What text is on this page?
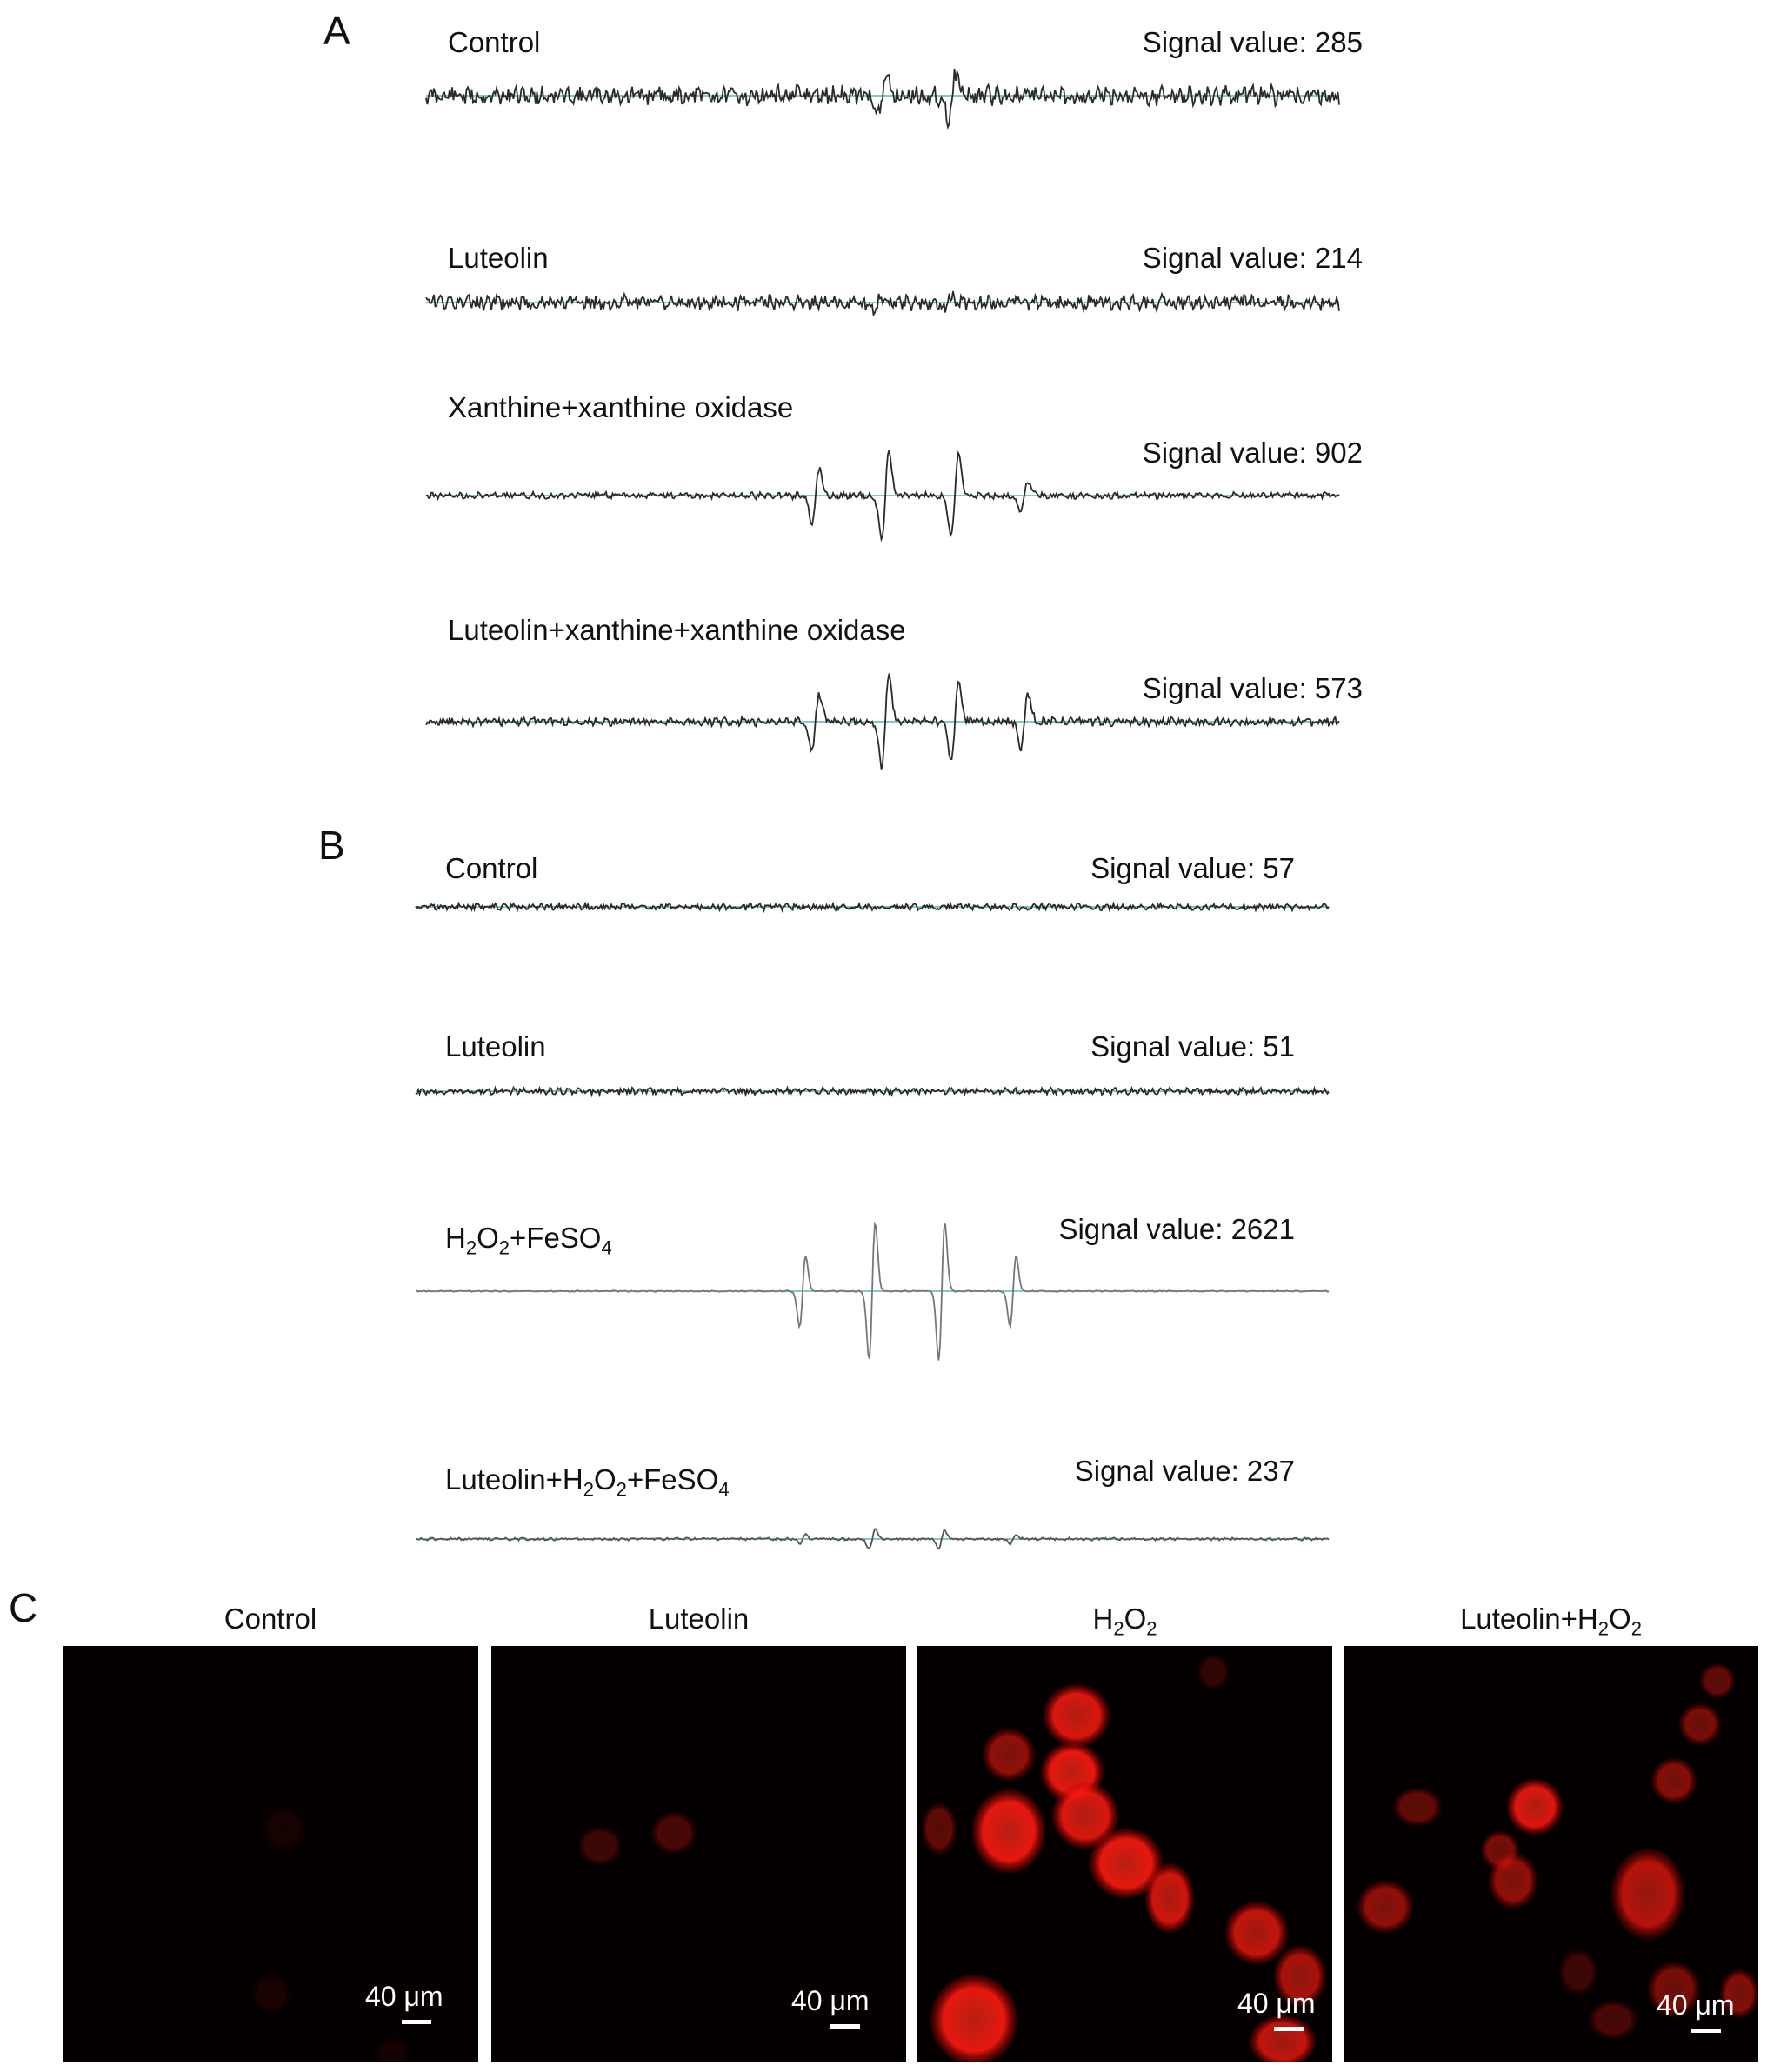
A
B
C
Control	Signal value: 285
Luteolin	Signal value: 214
Xanthine+xanthine oxidase
Signal value: 902
Luteolin+xanthine+xanthine oxidase
Signal value: 573
Control	Signal value: 57
Luteolin	Signal value: 51
$H_2O_2+FeSO_4$
Signal value: 2621
$Luteolin+H_2O_2+FeSO_4$
Signal value: 237
Control	Luteolin	$H_2O_2$	$Luteolin+H_2O_2$
40 μm	40 μm	40 μm	40 μm
